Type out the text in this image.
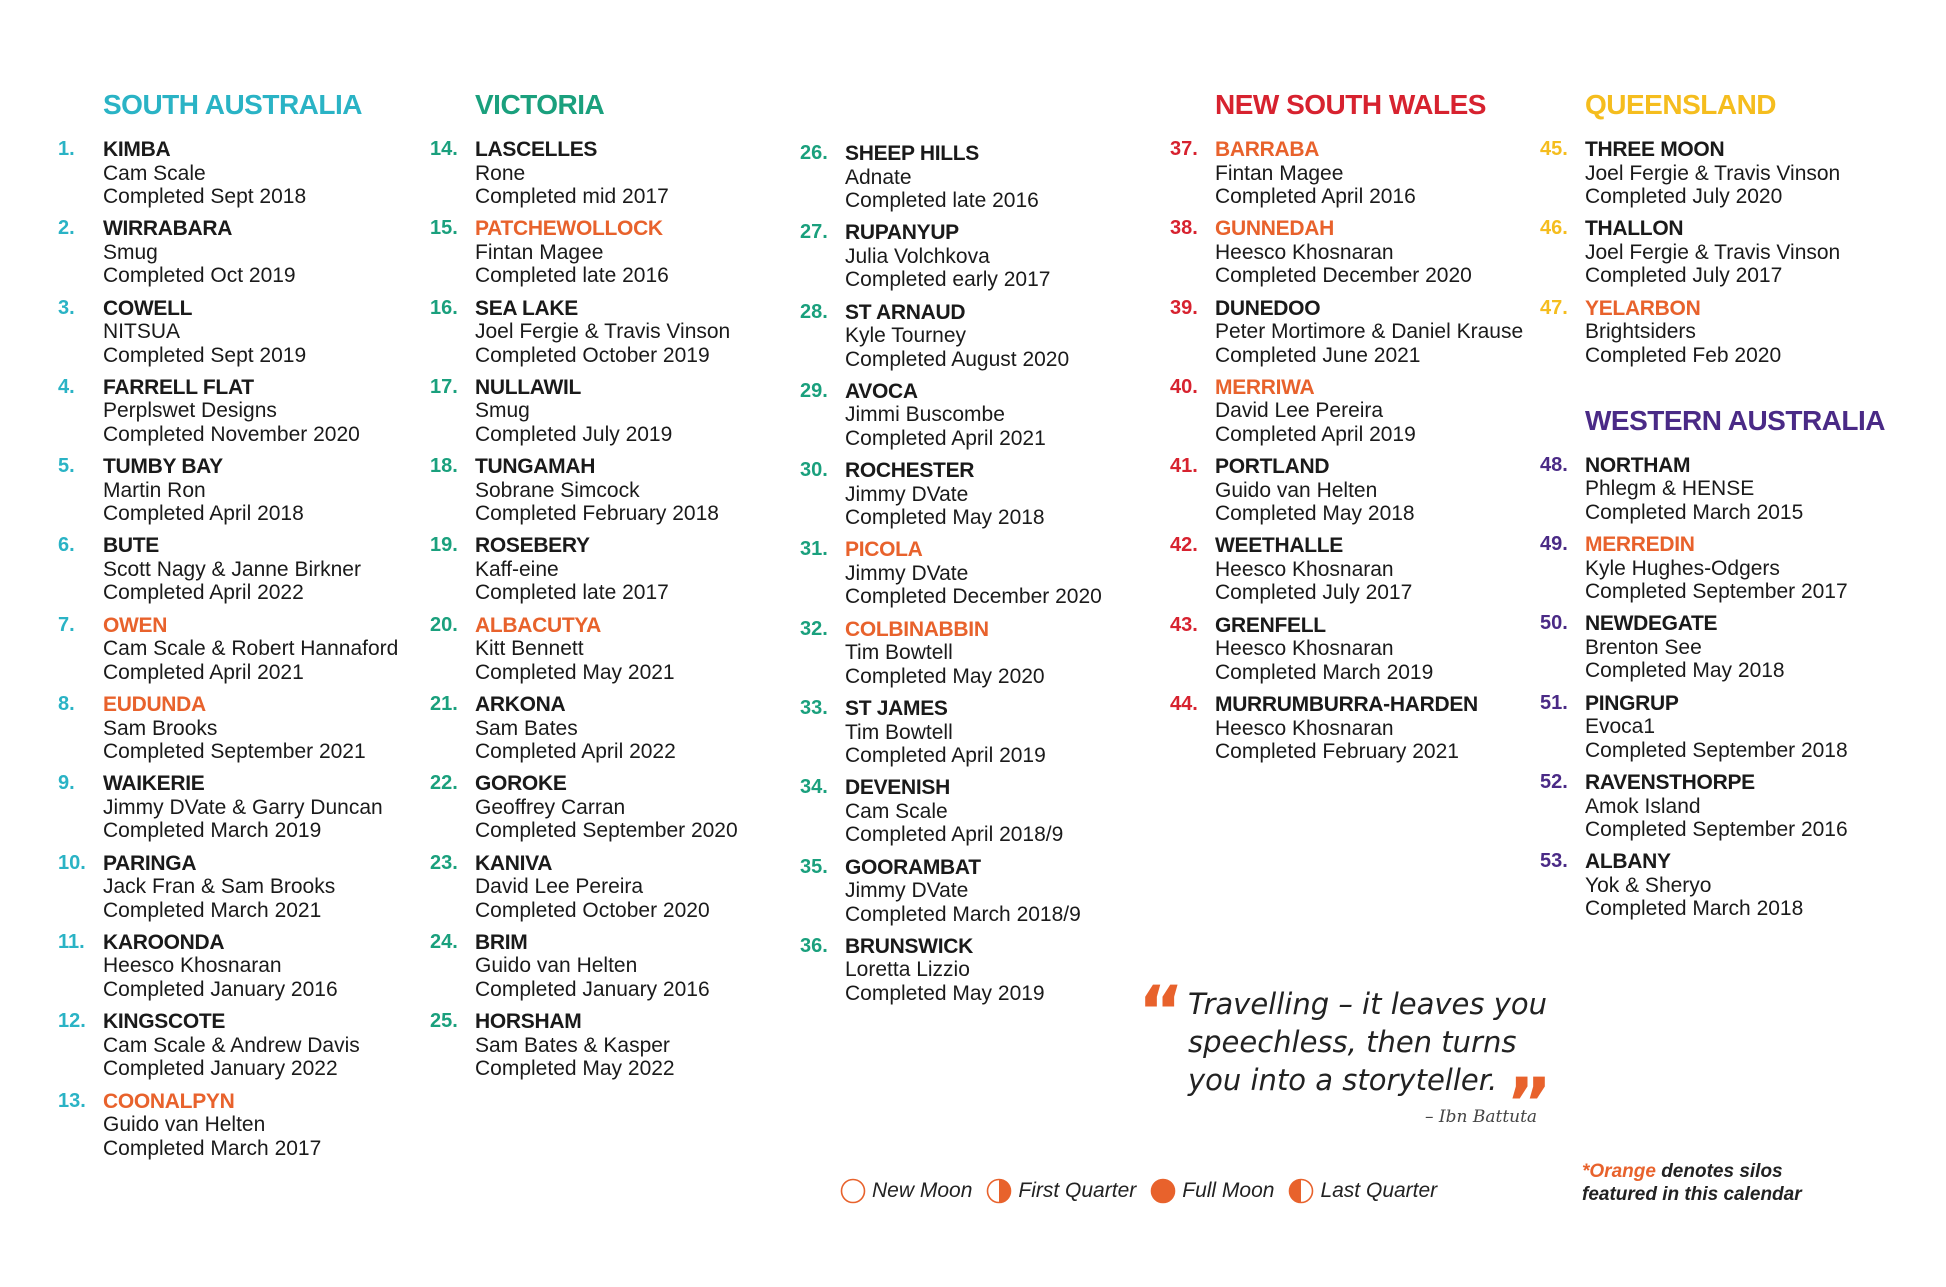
SOUTH AUSTRALIA
1. KIMBA
Cam Scale
Completed Sept 2018
2. WIRRABARA
Smug
Completed Oct 2019
3. COWELL
NITSUA
Completed Sept 2019
4. FARRELL FLAT
Perplswet Designs
Completed November 2020
5. TUMBY BAY
Martin Ron
Completed April 2018
6. BUTE
Scott Nagy & Janne Birkner
Completed April 2022
7. OWEN
Cam Scale & Robert Hannaford
Completed April 2021
8. EUDUNDA
Sam Brooks
Completed September 2021
9. WAIKERIE
Jimmy DVate & Garry Duncan
Completed March 2019
10. PARINGA
Jack Fran & Sam Brooks
Completed March 2021
11. KAROONDA
Heesco Khosnaran
Completed January 2016
12. KINGSCOTE
Cam Scale & Andrew Davis
Completed January 2022
13. COONALPYN
Guido van Helten
Completed March 2017
VICTORIA
14. LASCELLES
Rone
Completed mid 2017
15. PATCHEWOLLOCK
Fintan Magee
Completed late 2016
16. SEA LAKE
Joel Fergie & Travis Vinson
Completed October 2019
17. NULLAWIL
Smug
Completed July 2019
18. TUNGAMAH
Sobrane Simcock
Completed February 2018
19. ROSEBERY
Kaff-eine
Completed late 2017
20. ALBACUTYA
Kitt Bennett
Completed May 2021
21. ARKONA
Sam Bates
Completed April 2022
22. GOROKE
Geoffrey Carran
Completed September 2020
23. KANIVA
David Lee Pereira
Completed October 2020
24. BRIM
Guido van Helten
Completed January 2016
25. HORSHAM
Sam Bates & Kasper
Completed May 2022
26. SHEEP HILLS
Adnate
Completed late 2016
27. RUPANYUP
Julia Volchkova
Completed early 2017
28. ST ARNAUD
Kyle Tourney
Completed August 2020
29. AVOCA
Jimmi Buscombe
Completed April 2021
30. ROCHESTER
Jimmy DVate
Completed May 2018
31. PICOLA
Jimmy DVate
Completed December 2020
32. COLBINABBIN
Tim Bowtell
Completed May 2020
33. ST JAMES
Tim Bowtell
Completed April 2019
34. DEVENISH
Cam Scale
Completed April 2018/9
35. GOORAMBAT
Jimmy DVate
Completed March 2018/9
36. BRUNSWICK
Loretta Lizzio
Completed May 2019
NEW SOUTH WALES
37. BARRABA
Fintan Magee
Completed April 2016
38. GUNNEDAH
Heesco Khosnaran
Completed December 2020
39. DUNEDOO
Peter Mortimore & Daniel Krause
Completed June 2021
40. MERRIWA
David Lee Pereira
Completed April 2019
41. PORTLAND
Guido van Helten
Completed May 2018
42. WEETHALLE
Heesco Khosnaran
Completed July 2017
43. GRENFELL
Heesco Khosnaran
Completed March 2019
44. MURRUMBURRA-HARDEN
Heesco Khosnaran
Completed February 2021
QUEENSLAND
45. THREE MOON
Joel Fergie & Travis Vinson
Completed July 2020
46. THALLON
Joel Fergie & Travis Vinson
Completed July 2017
47. YELARBON
Brightsiders
Completed Feb 2020
WESTERN AUSTRALIA
48. NORTHAM
Phlegm & HENSE
Completed March 2015
49. MERREDIN
Kyle Hughes-Odgers
Completed September 2017
50. NEWDEGATE
Brenton See
Completed May 2018
51. PINGRUP
Evoca1
Completed September 2018
52. RAVENSTHORPE
Amok Island
Completed September 2016
53. ALBANY
Yok & Sheryo
Completed March 2018
“ Travelling – it leaves you
speechless, then turns
you into a storyteller. ”
– Ibn Battuta
New Moon First Quarter Full Moon Last Quarter
*Orange denotes silos
featured in this calendar
